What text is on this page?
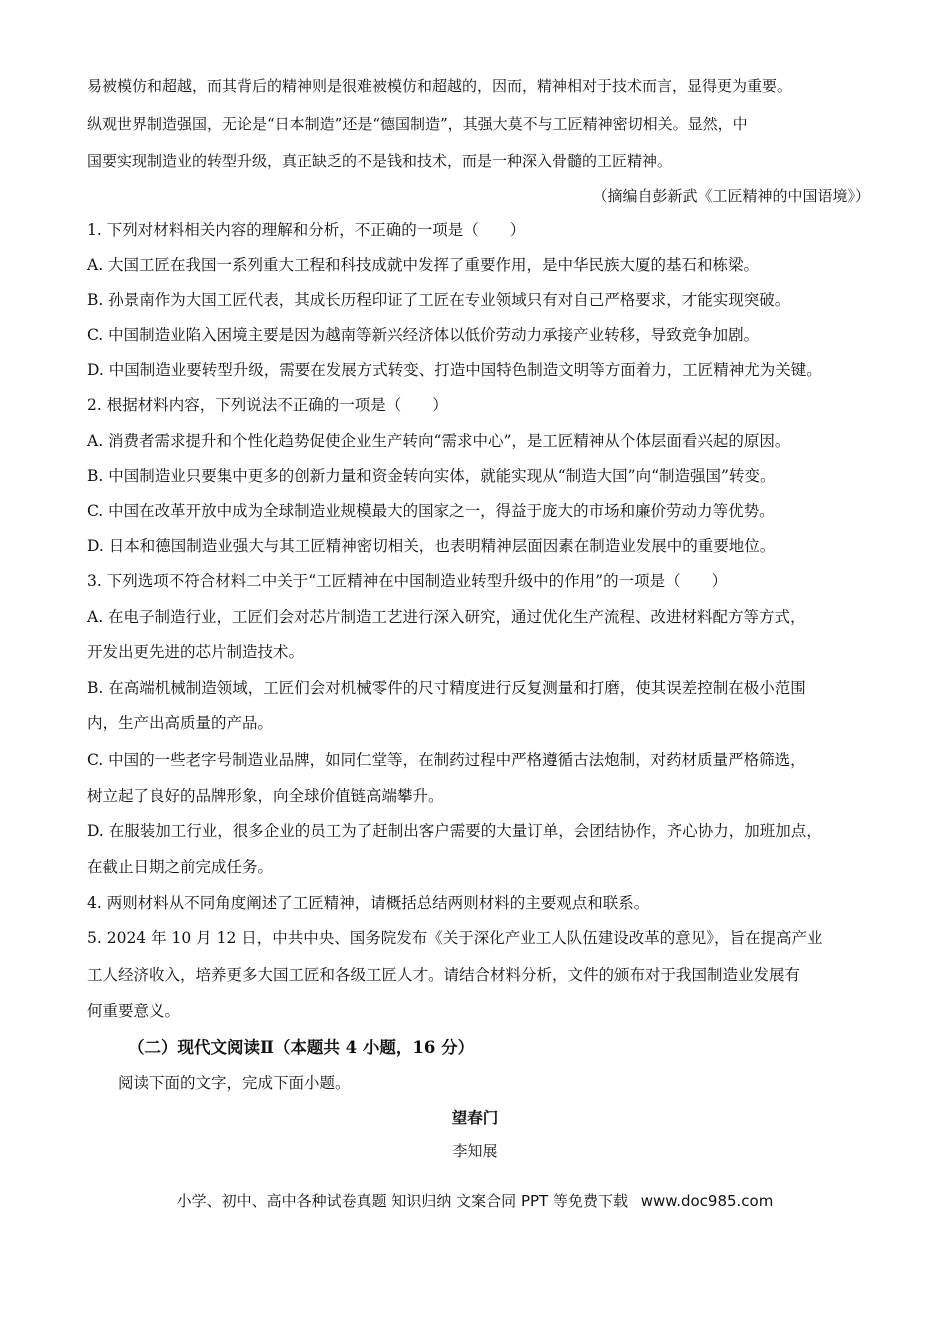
易被模仿和超越，而其背后的精神则是很难被模仿和超越的，因而，精神相对于技术而言，显得更为重要。
纵观世界制造强国，无论是“日本制造”还是“德国制造”，其强大莫不与工匠精神密切相关。显然，中
国要实现制造业的转型升级，真正缺乏的不是钱和技术，而是一种深入骨髓的工匠精神。
（摘编自彭新武《工匠精神的中国语境》）
1. 下列对材料相关内容的理解和分析，不正确的一项是（　　）
A. 大国工匠在我国一系列重大工程和科技成就中发挥了重要作用，是中华民族大厦的基石和栋梁。
B. 孙景南作为大国工匠代表，其成长历程印证了工匠在专业领域只有对自己严格要求，才能实现突破。
C. 中国制造业陷入困境主要是因为越南等新兴经济体以低价劳动力承接产业转移，导致竞争加剧。
D. 中国制造业要转型升级，需要在发展方式转变、打造中国特色制造文明等方面着力，工匠精神尤为关键。
2. 根据材料内容，下列说法不正确的一项是（　　）
A. 消费者需求提升和个性化趋势促使企业生产转向“需求中心”，是工匠精神从个体层面看兴起的原因。
B. 中国制造业只要集中更多的创新力量和资金转向实体，就能实现从“制造大国”向“制造强国”转变。
C. 中国在改革开放中成为全球制造业规模最大的国家之一，得益于庞大的市场和廉价劳动力等优势。
D. 日本和德国制造业强大与其工匠精神密切相关，也表明精神层面因素在制造业发展中的重要地位。
3. 下列选项不符合材料二中关于“工匠精神在中国制造业转型升级中的作用”的一项是（　　）
A. 在电子制造行业，工匠们会对芯片制造工艺进行深入研究，通过优化生产流程、改进材料配方等方式，
开发出更先进的芯片制造技术。
B. 在高端机械制造领域，工匠们会对机械零件的尺寸精度进行反复测量和打磨，使其误差控制在极小范围
内，生产出高质量的产品。
C. 中国的一些老字号制造业品牌，如同仁堂等，在制药过程中严格遵循古法炮制，对药材质量严格筛选，
树立起了良好的品牌形象，向全球价值链高端攀升。
D. 在服装加工行业，很多企业的员工为了赶制出客户需要的大量订单，会团结协作，齐心协力，加班加点，
在截止日期之前完成任务。
4. 两则材料从不同角度阐述了工匠精神，请概括总结两则材料的主要观点和联系。
5. 2024 年 10 月 12 日，中共中央、国务院发布《关于深化产业工人队伍建设改革的意见》，旨在提高产业
工人经济收入，培养更多大国工匠和各级工匠人才。请结合材料分析，文件的颁布对于我国制造业发展有
何重要意义。
（二）现代文阅读Ⅱ（本题共 4 小题，16 分）
阅读下面的文字，完成下面小题。
望春门
李知展
小学、初中、高中各种试卷真题 知识归纳 文案合同 PPT 等免费下载 www.doc985.com
